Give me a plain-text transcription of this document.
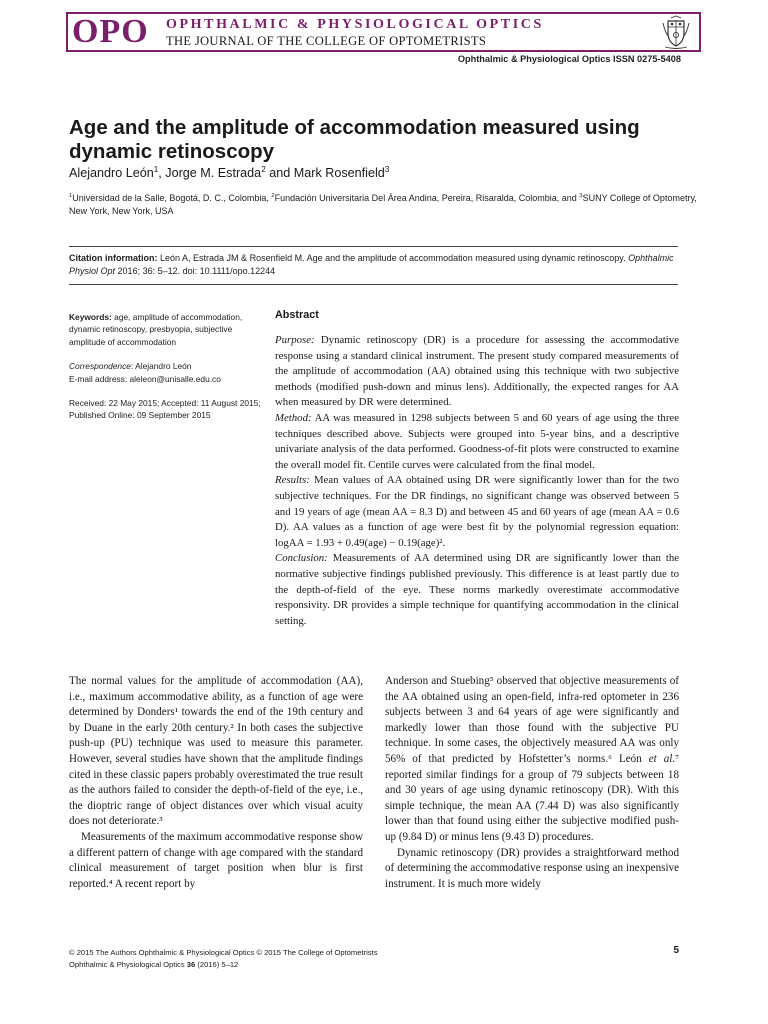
OPO OPHTHALMIC & PHYSIOLOGICAL OPTICS
THE JOURNAL OF THE COLLEGE OF OPTOMETRISTS
Ophthalmic & Physiological Optics ISSN 0275-5408
Age and the amplitude of accommodation measured using dynamic retinoscopy
Alejandro León$^1$, Jorge M. Estrada$^2$ and Mark Rosenfield$^3$
$^1$Universidad de la Salle, Bogotá, D. C., Colombia, $^2$Fundación Universitaria Del Área Andina, Pereira, Risaralda, Colombia, and $^3$SUNY College of Optometry, New York, New York, USA
Citation information: León A, Estrada JM & Rosenfield M. Age and the amplitude of accommodation measured using dynamic retinoscopy. Ophthalmic Physiol Opt 2016; 36: 5–12. doi: 10.1111/opo.12244
Keywords: age, amplitude of accommodation, dynamic retinoscopy, presbyopia, subjective amplitude of accommodation
Correspondence: Alejandro León
E-mail address: aleleon@unisalle.edu.co
Received: 22 May 2015; Accepted: 11 August 2015; Published Online: 09 September 2015
Abstract

Purpose: Dynamic retinoscopy (DR) is a procedure for assessing the accommodative response using a standard clinical instrument. The present study compared measurements of the amplitude of accommodation (AA) obtained using this technique with two subjective methods (modified push-down and minus lens). Additionally, the expected ranges for AA when measured by DR were determined.

Method: AA was measured in 1298 subjects between 5 and 60 years of age using the three techniques described above. Subjects were grouped into 5-year bins, and a descriptive univariate analysis of the data performed. Goodness-of-fit plots were constructed to examine the overall model fit. Centile curves were calculated from the final model.

Results: Mean values of AA obtained using DR were significantly lower than for the two subjective techniques. For the DR findings, no significant change was observed between 5 and 19 years of age (mean AA = 8.3 D) and between 45 and 60 years of age (mean AA = 0.6 D). AA values as a function of age were best fit by the polynomial regression equation: logAA = 1.93 + 0.49(age) − 0.19(age)².

Conclusion: Measurements of AA determined using DR are significantly lower than the normative subjective findings published previously. This difference is at least partly due to the depth-of-field of the eye. These norms markedly overestimate accommodative responsivity. DR provides a simple technique for quantifying accommodation in the clinical setting.

The normal values for the amplitude of accommodation (AA), i.e., maximum accommodative ability, as a function of age were determined by Donders¹ towards the end of the 19th century and by Duane in the early 20th century.² In both cases the subjective push-up (PU) technique was used to measure this parameter. However, several studies have shown that the amplitude findings cited in these classic papers probably overestimated the true result as the authors failed to consider the depth-of-field of the eye, i.e., the dioptric range of object distances over which visual acuity does not deteriorate.³

Measurements of the maximum accommodative response show a different pattern of change with age compared with the standard clinical measurement of target position when blur is first reported.⁴ A recent report by

Anderson and Stuebing⁵ observed that objective measurements of the AA obtained using an open-field, infra-red optometer in 236 subjects between 3 and 64 years of age were significantly and markedly lower than those found with the subjective PU technique. In some cases, the objectively measured AA was only 56% of that predicted by Hofstetter’s norms.⁶ León et al.⁷ reported similar findings for a group of 79 subjects between 18 and 30 years of age using dynamic retinoscopy (DR). With this simple technique, the mean AA (7.44 D) was also significantly lower than that found using either the subjective modified push-up (9.84 D) or minus lens (9.43 D) procedures.

Dynamic retinoscopy (DR) provides a straightforward method of determining the accommodative response using an inexpensive instrument. It is much more widely

© 2015 The Authors Ophthalmic & Physiological Optics © 2015 The College of Optometrists
Ophthalmic & Physiological Optics 36 (2016) 5–12
5
